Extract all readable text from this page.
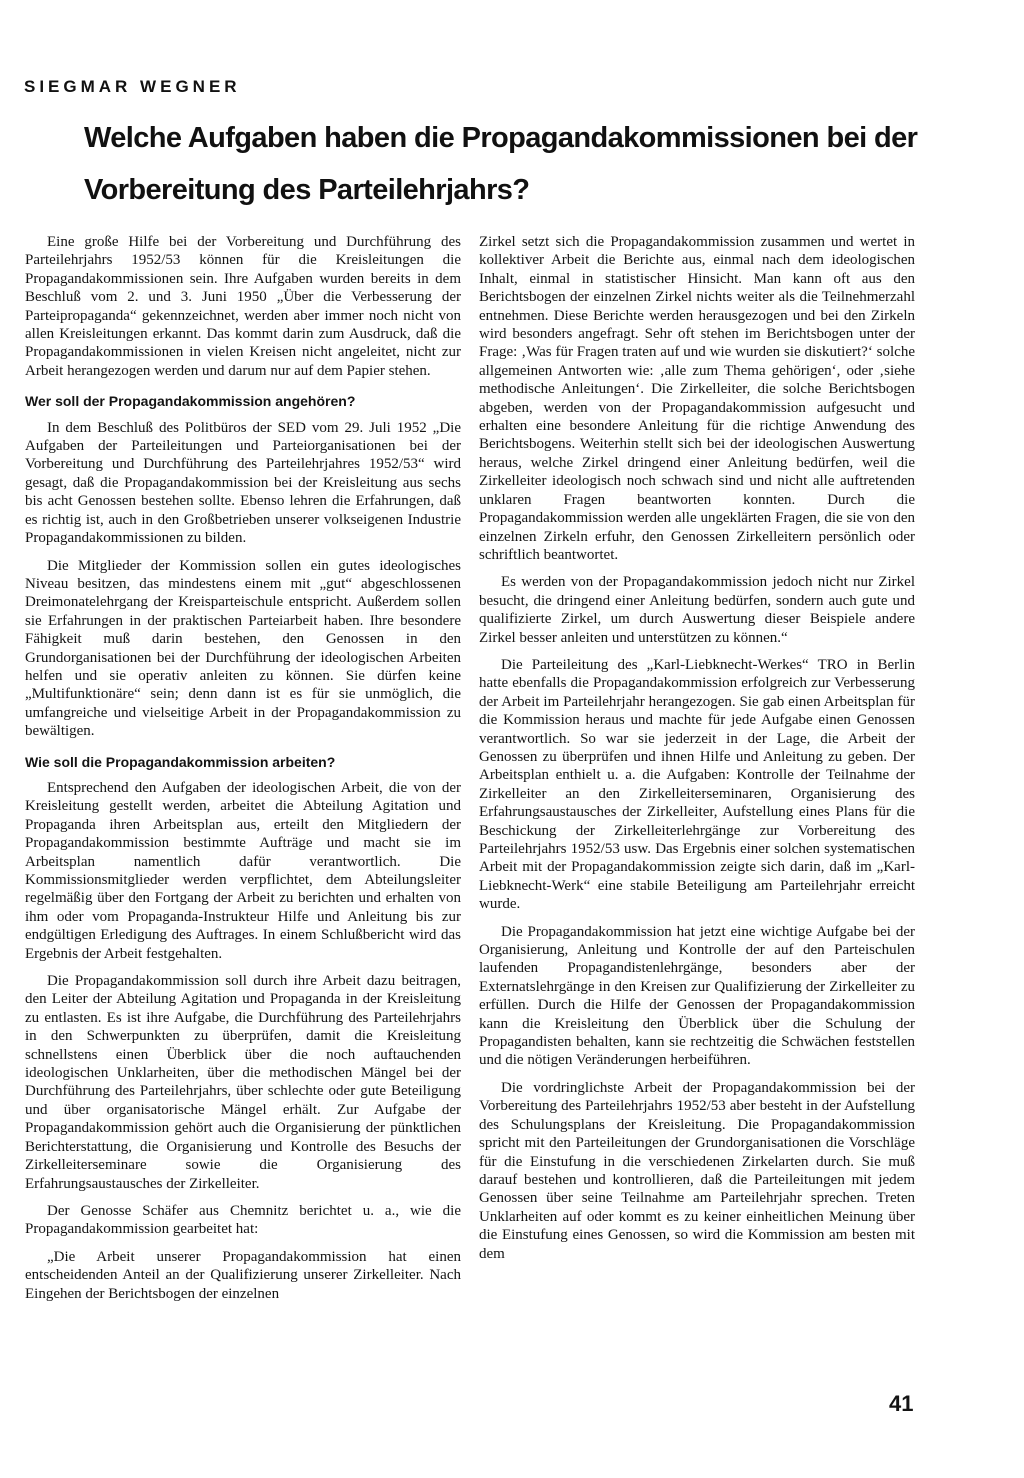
SIEGMAR WEGNER
Welche Aufgaben haben die Propagandakommissionen bei der Vorbereitung des Parteilehrjahrs?

Eine große Hilfe bei der Vorbereitung und Durchführung des Parteilehrjahrs 1952/53 können für die Kreisleitungen die Propagandakommissionen sein. Ihre Aufgaben wurden bereits in dem Beschluß vom 2. und 3. Juni 1950 „Über die Verbesserung der Parteipropaganda“ gekennzeichnet, werden aber immer noch nicht von allen Kreisleitungen erkannt. Das kommt darin zum Ausdruck, daß die Propagandakommissionen in vielen Kreisen nicht angeleitet, nicht zur Arbeit herangezogen werden und darum nur auf dem Papier stehen.

Wer soll der Propagandakommission angehören?

In dem Beschluß des Politbüros der SED vom 29. Juli 1952 „Die Aufgaben der Parteileitungen und Parteiorganisationen bei der Vorbereitung und Durchführung des Parteilehrjahres 1952/53“ wird gesagt, daß die Propagandakommission bei der Kreisleitung aus sechs bis acht Genossen bestehen sollte. Ebenso lehren die Erfahrungen, daß es richtig ist, auch in den Großbetrieben unserer volkseigenen Industrie Propagandakommissionen zu bilden.

Die Mitglieder der Kommission sollen ein gutes ideologisches Niveau besitzen, das mindestens einem mit „gut“ abgeschlossenen Dreimonatelehrgang der Kreisparteischule entspricht. Außerdem sollen sie Erfahrungen in der praktischen Parteiarbeit haben. Ihre besondere Fähigkeit muß darin bestehen, den Genossen in den Grundorganisationen bei der Durchführung der ideologischen Arbeiten helfen und sie operativ anleiten zu können. Sie dürfen keine „Multifunktionäre“ sein; denn dann ist es für sie unmöglich, die umfangreiche und vielseitige Arbeit in der Propagandakommission zu bewältigen.

Wie soll die Propagandakommission arbeiten?

Entsprechend den Aufgaben der ideologischen Arbeit, die von der Kreisleitung gestellt werden, arbeitet die Abteilung Agitation und Propaganda ihren Arbeitsplan aus, erteilt den Mitgliedern der Propagandakommission bestimmte Aufträge und macht sie im Arbeitsplan namentlich dafür verantwortlich. Die Kommissionsmitglieder werden verpflichtet, dem Abteilungsleiter regelmäßig über den Fortgang der Arbeit zu berichten und erhalten von ihm oder vom Propaganda-Instrukteur Hilfe und Anleitung bis zur endgültigen Erledigung des Auftrages. In einem Schlußbericht wird das Ergebnis der Arbeit festgehalten.

Die Propagandakommission soll durch ihre Arbeit dazu beitragen, den Leiter der Abteilung Agitation und Propaganda in der Kreisleitung zu entlasten. Es ist ihre Aufgabe, die Durchführung des Parteilehrjahrs in den Schwerpunkten zu überprüfen, damit die Kreisleitung schnellstens einen Überblick über die noch auftauchenden ideologischen Unklarheiten, über die methodischen Mängel bei der Durchführung des Parteilehrjahrs, über schlechte oder gute Beteiligung und über organisatorische Mängel erhält. Zur Aufgabe der Propagandakommission gehört auch die Organisierung der pünktlichen Berichterstattung, die Organisierung und Kontrolle des Besuchs der Zirkelleiterseminare sowie die Organisierung des Erfahrungsaustausches der Zirkelleiter.

Der Genosse Schäfer aus Chemnitz berichtet u. a., wie die Propagandakommission gearbeitet hat:

„Die Arbeit unserer Propagandakommission hat einen entscheidenden Anteil an der Qualifizierung unserer Zirkelleiter. Nach Eingehen der Berichtsbogen der einzelnen

Zirkel setzt sich die Propagandakommission zusammen und wertet in kollektiver Arbeit die Berichte aus, einmal nach dem ideologischen Inhalt, einmal in statistischer Hinsicht. Man kann oft aus den Berichtsbogen der einzelnen Zirkel nichts weiter als die Teilnehmerzahl entnehmen. Diese Berichte werden herausgezogen und bei den Zirkeln wird besonders angefragt. Sehr oft stehen im Berichtsbogen unter der Frage: ‚Was für Fragen traten auf und wie wurden sie diskutiert?‘ solche allgemeinen Antworten wie: ‚alle zum Thema gehörigen‘, oder ‚siehe methodische Anleitungen‘. Die Zirkelleiter, die solche Berichtsbogen abgeben, werden von der Propagandakommission aufgesucht und erhalten eine besondere Anleitung für die richtige Anwendung des Berichtsbogens. Weiterhin stellt sich bei der ideologischen Auswertung heraus, welche Zirkel dringend einer Anleitung bedürfen, weil die Zirkelleiter ideologisch noch schwach sind und nicht alle auftretenden unklaren Fragen beantworten konnten. Durch die Propagandakommission werden alle ungeklärten Fragen, die sie von den einzelnen Zirkeln erfuhr, den Genossen Zirkelleitern persönlich oder schriftlich beantwortet.

Es werden von der Propagandakommission jedoch nicht nur Zirkel besucht, die dringend einer Anleitung bedürfen, sondern auch gute und qualifizierte Zirkel, um durch Auswertung dieser Beispiele andere Zirkel besser anleiten und unterstützen zu können.“

Die Parteileitung des „Karl-Liebknecht-Werkes“ TRO in Berlin hatte ebenfalls die Propagandakommission erfolgreich zur Verbesserung der Arbeit im Parteilehrjahr herangezogen. Sie gab einen Arbeitsplan für die Kommission heraus und machte für jede Aufgabe einen Genossen verantwortlich. So war sie jederzeit in der Lage, die Arbeit der Genossen zu überprüfen und ihnen Hilfe und Anleitung zu geben. Der Arbeitsplan enthielt u. a. die Aufgaben: Kontrolle der Teilnahme der Zirkelleiter an den Zirkelleiterseminaren, Organisierung des Erfahrungsaustausches der Zirkelleiter, Aufstellung eines Plans für die Beschickung der Zirkelleiterlehrgänge zur Vorbereitung des Parteilehrjahrs 1952/53 usw. Das Ergebnis einer solchen systematischen Arbeit mit der Propagandakommission zeigte sich darin, daß im „Karl-Liebknecht-Werk“ eine stabile Beteiligung am Parteilehrjahr erreicht wurde.

Die Propagandakommission hat jetzt eine wichtige Aufgabe bei der Organisierung, Anleitung und Kontrolle der auf den Parteischulen laufenden Propagandistenlehrgänge, besonders aber der Externatslehrgänge in den Kreisen zur Qualifizierung der Zirkelleiter zu erfüllen. Durch die Hilfe der Genossen der Propagandakommission kann die Kreisleitung den Überblick über die Schulung der Propagandisten behalten, kann sie rechtzeitig die Schwächen feststellen und die nötigen Veränderungen herbeiführen.

Die vordringlichste Arbeit der Propagandakommission bei der Vorbereitung des Parteilehrjahrs 1952/53 aber besteht in der Aufstellung des Schulungsplans der Kreisleitung. Die Propagandakommission spricht mit den Parteileitungen der Grundorganisationen die Vorschläge für die Einstufung in die verschiedenen Zirkelarten durch. Sie muß darauf bestehen und kontrollieren, daß die Parteileitungen mit jedem Genossen über seine Teilnahme am Parteilehrjahr sprechen. Treten Unklarheiten auf oder kommt es zu keiner einheitlichen Meinung über die Einstufung eines Genossen, so wird die Kommission am besten mit dem

41
